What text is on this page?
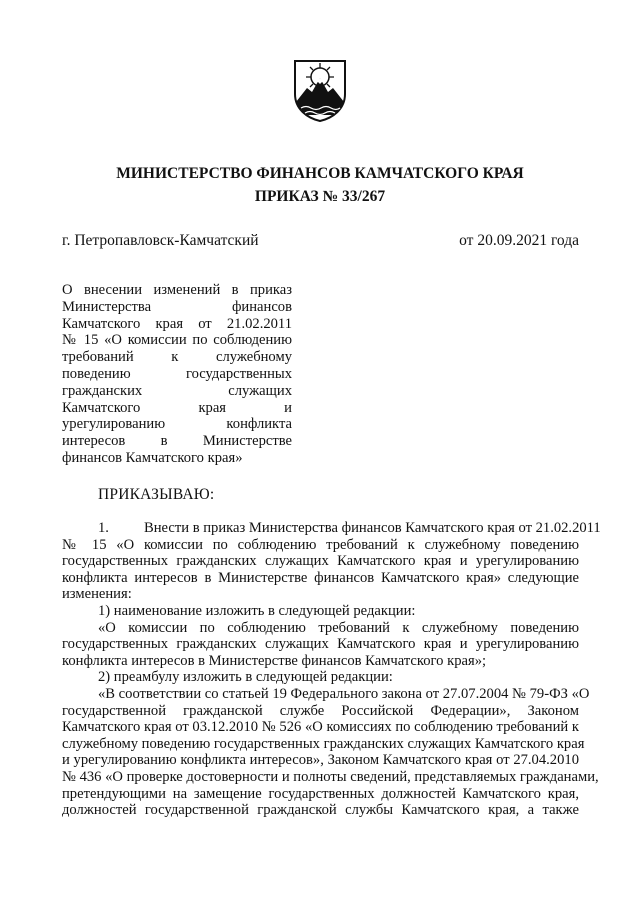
МИНИСТЕРСТВО ФИНАНСОВ КАМЧАТСКОГО КРАЯ
ПРИКАЗ № 33/267
г. Петропавловск-Камчатский	от 20.09.2021 года
О внесении изменений в приказ
Министерства финансов
Камчатского края от 21.02.2011
№ 15 «О комиссии по соблюдению
требований к служебному
поведению государственных
гражданских служащих
Камчатского края и
урегулированию конфликта
интересов в Министерстве
финансов Камчатского края»
ПРИКАЗЫВАЮ:
1. Внести в приказ Министерства финансов Камчатского края от 21.02.2011
№ 15 «О комиссии по соблюдению требований к служебному поведению
государственных гражданских служащих Камчатского края и урегулированию
конфликта интересов в Министерстве финансов Камчатского края» следующие
изменения:
1) наименование изложить в следующей редакции:
«О комиссии по соблюдению требований к служебному поведению
государственных гражданских служащих Камчатского края и урегулированию
конфликта интересов в Министерстве финансов Камчатского края»;
2) преамбулу изложить в следующей редакции:
«В соответствии со статьей 19 Федерального закона от 27.07.2004 № 79-ФЗ «О
государственной гражданской службе Российской Федерации», Законом
Камчатского края от 03.12.2010 № 526 «О комиссиях по соблюдению требований к
служебному поведению государственных гражданских служащих Камчатского края
и урегулированию конфликта интересов», Законом Камчатского края от 27.04.2010
№ 436 «О проверке достоверности и полноты сведений, представляемых гражданами,
претендующими на замещение государственных должностей Камчатского края,
должностей государственной гражданской службы Камчатского края, а также
